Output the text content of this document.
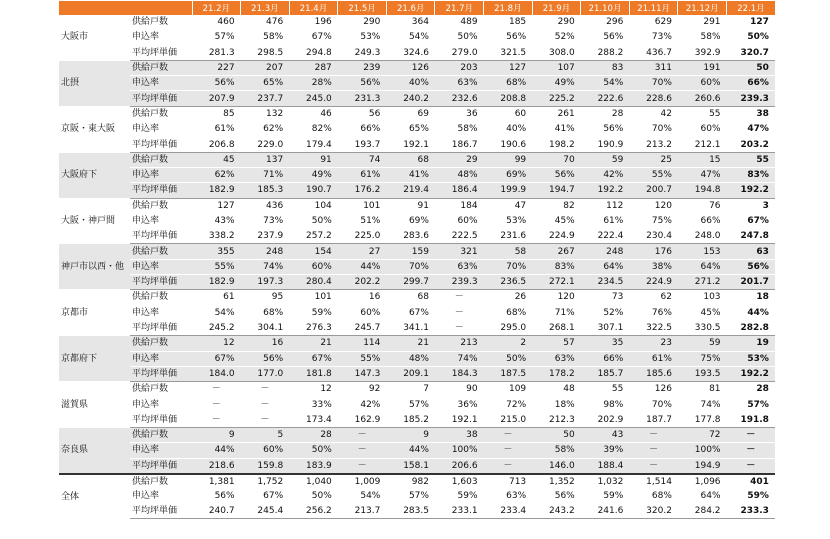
		21.2月	21.3月	21.4月	21.5月	21.6月	21.7月	21.8月	21.9月	21.10月	21.11月	21.12月	22.1月
大阪市	供給戸数	460	476	196	290	364	489	185	290	296	629	291	127
	申込率	57%	58%	67%	53%	54%	50%	56%	52%	56%	73%	58%	50%
	平均坪単価	281.3	298.5	294.8	249.3	324.6	279.0	321.5	308.0	288.2	436.7	392.9	320.7
北摂	供給戸数	227	207	287	239	126	203	127	107	83	311	191	50
	申込率	56%	65%	28%	56%	40%	63%	68%	49%	54%	70%	60%	66%
	平均坪単価	207.9	237.7	245.0	231.3	240.2	232.6	208.8	225.2	222.6	228.6	260.6	239.3
京阪・東大阪	供給戸数	85	132	46	56	69	36	60	261	28	42	55	38
	申込率	61%	62%	82%	66%	65%	58%	40%	41%	56%	70%	60%	47%
	平均坪単価	206.8	229.0	179.4	193.7	192.1	186.7	190.6	198.2	190.9	213.2	212.1	203.2
大阪府下	供給戸数	45	137	91	74	68	29	99	70	59	25	15	55
	申込率	62%	71%	49%	61%	41%	48%	69%	56%	42%	55%	47%	83%
	平均坪単価	182.9	185.3	190.7	176.2	219.4	186.4	199.9	194.7	192.2	200.7	194.8	192.2
大阪・神戸間	供給戸数	127	436	104	101	91	184	47	82	112	120	76	3
	申込率	43%	73%	50%	51%	69%	60%	53%	45%	61%	75%	66%	67%
	平均坪単価	338.2	237.9	257.2	225.0	283.6	222.5	231.6	224.9	222.4	230.4	248.0	247.8
神戸市以西・他	供給戸数	355	248	154	27	159	321	58	267	248	176	153	63
	申込率	55%	74%	60%	44%	70%	63%	70%	83%	64%	38%	64%	56%
	平均坪単価	182.9	197.3	280.4	202.2	299.7	239.3	236.5	272.1	234.5	224.9	271.2	201.7
京都市	供給戸数	61	95	101	16	68	－	26	120	73	62	103	18
	申込率	54%	68%	59%	60%	67%	－	68%	71%	52%	76%	45%	44%
	平均坪単価	245.2	304.1	276.3	245.7	341.1	－	295.0	268.1	307.1	322.5	330.5	282.8
京都府下	供給戸数	12	16	21	114	21	213	2	57	35	23	59	19
	申込率	67%	56%	67%	55%	48%	74%	50%	63%	66%	61%	75%	53%
	平均坪単価	184.0	177.0	181.8	147.3	209.1	184.3	187.5	178.2	185.7	185.6	193.5	192.2
滋賀県	供給戸数	－	－	12	92	7	90	109	48	55	126	81	28
	申込率	－	－	33%	42%	57%	36%	72%	18%	98%	70%	74%	57%
	平均坪単価	－	－	173.4	162.9	185.2	192.1	215.0	212.3	202.9	187.7	177.8	191.8
奈良県	供給戸数	9	5	28	－	9	38	－	50	43	－	72	－
	申込率	44%	60%	50%	－	44%	100%	－	58%	39%	－	100%	－
	平均坪単価	218.6	159.8	183.9	－	158.1	206.6	－	146.0	188.4	－	194.9	－
全体	供給戸数	1,381	1,752	1,040	1,009	982	1,603	713	1,352	1,032	1,514	1,096	401
	申込率	56%	67%	50%	54%	57%	59%	63%	56%	59%	68%	64%	59%
	平均坪単価	240.7	245.4	256.2	213.7	283.5	233.1	233.4	243.2	241.6	320.2	284.2	233.3
